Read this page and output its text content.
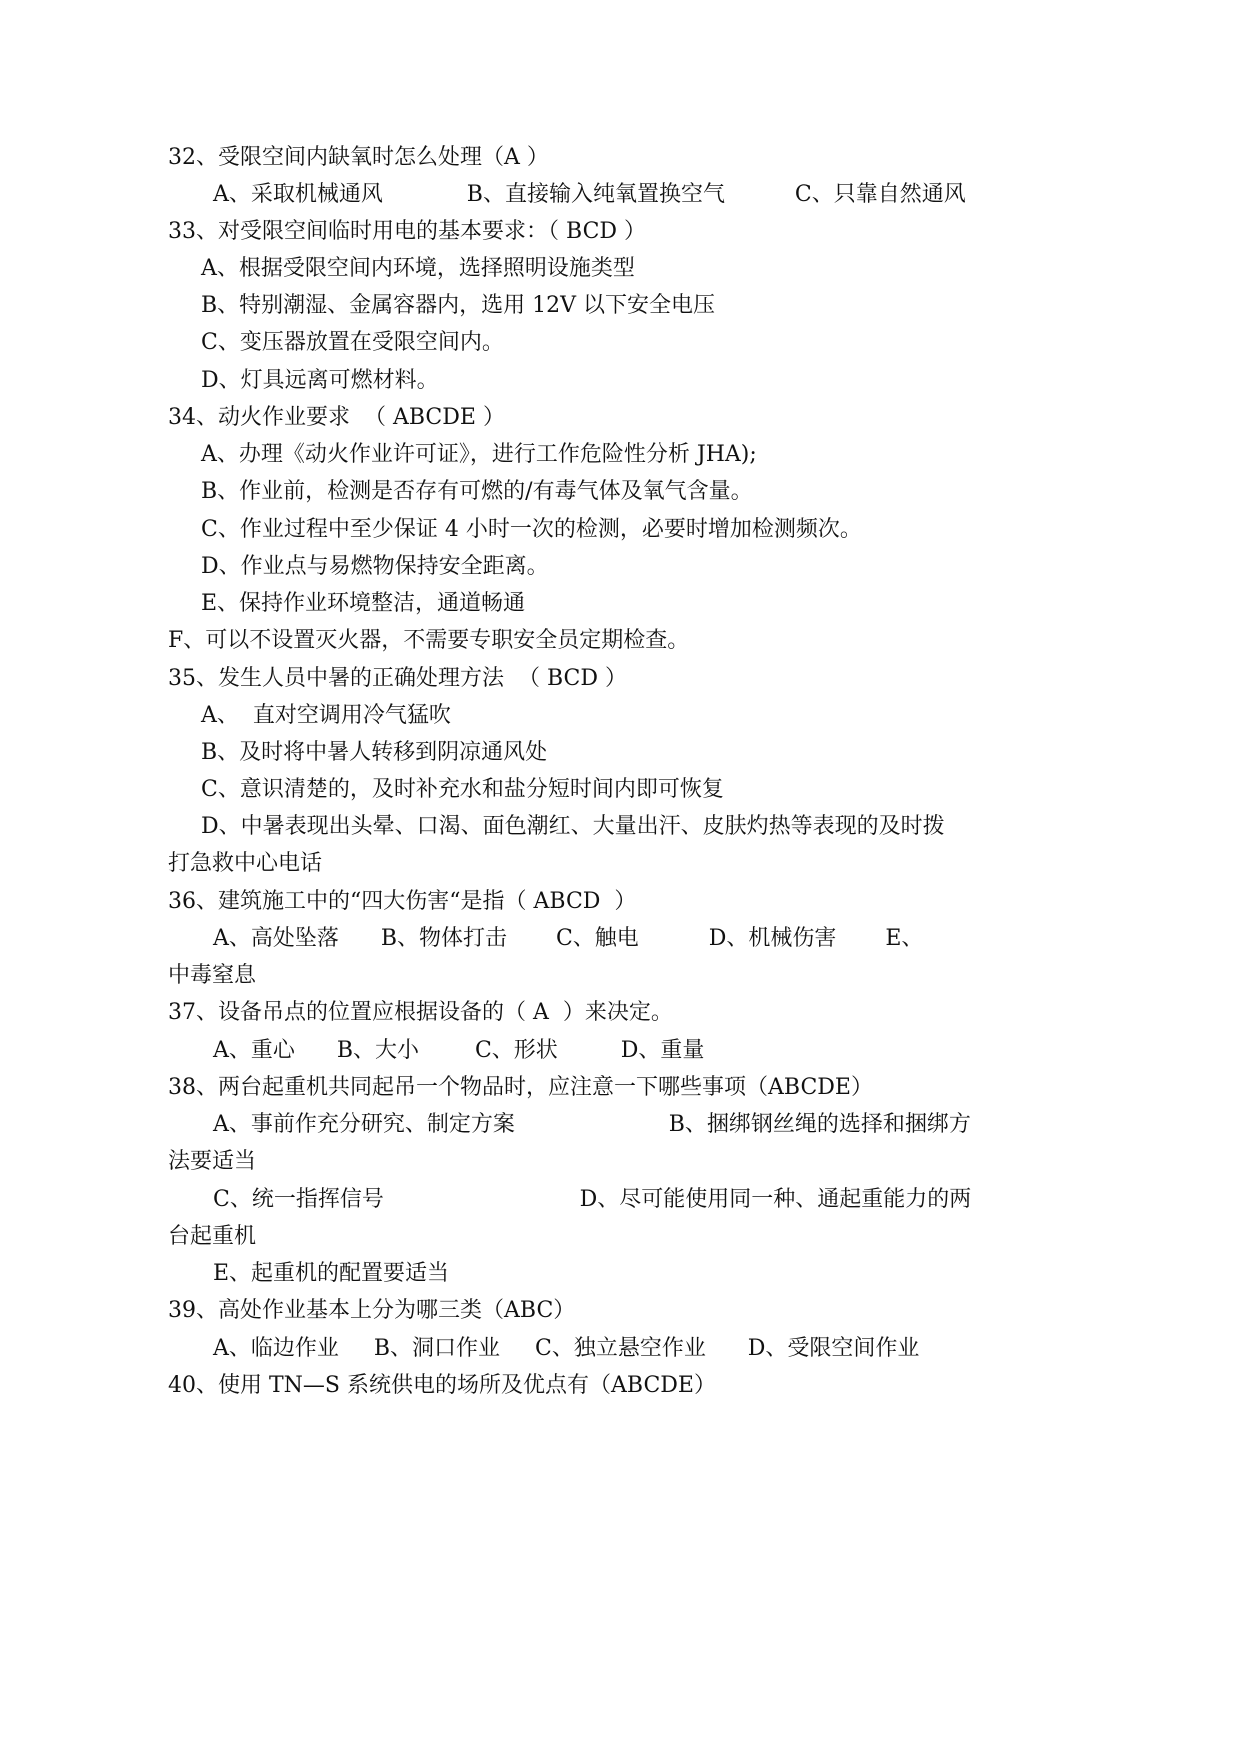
32、受限空间内缺氧时怎么处理（A ）
A、采取机械通风            B、直接输入纯氧置换空气          C、只靠自然通风
33、对受限空间临时用电的基本要求：（ BCD ）
A、根据受限空间内环境，选择照明设施类型
B、特别潮湿、金属容器内，选用 12V 以下安全电压
C、变压器放置在受限空间内。
D、灯具远离可燃材料。
34、动火作业要求  （ ABCDE ）
A、办理《动火作业许可证》，进行工作危险性分析 JHA);
B、作业前，检测是否存有可燃的/有毒气体及氧气含量。
C、作业过程中至少保证 4 小时一次的检测，必要时增加检测频次。
D、作业点与易燃物保持安全距离。
E、保持作业环境整洁，通道畅通
F、可以不设置灭火器，不需要专职安全员定期检查。
35、发生人员中暑的正确处理方法  （ BCD ）
A、  直对空调用冷气猛吹
B、及时将中暑人转移到阴凉通风处
C、意识清楚的，及时补充水和盐分短时间内即可恢复
D、中暑表现出头晕、口渴、面色潮红、大量出汗、皮肤灼热等表现的及时拨
打急救中心电话
36、建筑施工中的“四大伤害“是指（ ABCD  ）
A、高处坠落      B、物体打击       C、触电          D、机械伤害       E、
中毒窒息
37、设备吊点的位置应根据设备的（ A  ）来决定。
A、重心      B、大小        C、形状         D、重量
38、两台起重机共同起吊一个物品时，应注意一下哪些事项（ABCDE）
A、事前作充分研究、制定方案                      B、捆绑钢丝绳的选择和捆绑方
法要适当
C、统一指挥信号                            D、尽可能使用同一种、通起重能力的两
台起重机
E、起重机的配置要适当
39、高处作业基本上分为哪三类（ABC）
A、临边作业     B、洞口作业     C、独立悬空作业      D、受限空间作业
40、使用 TN—S 系统供电的场所及优点有（ABCDE）
